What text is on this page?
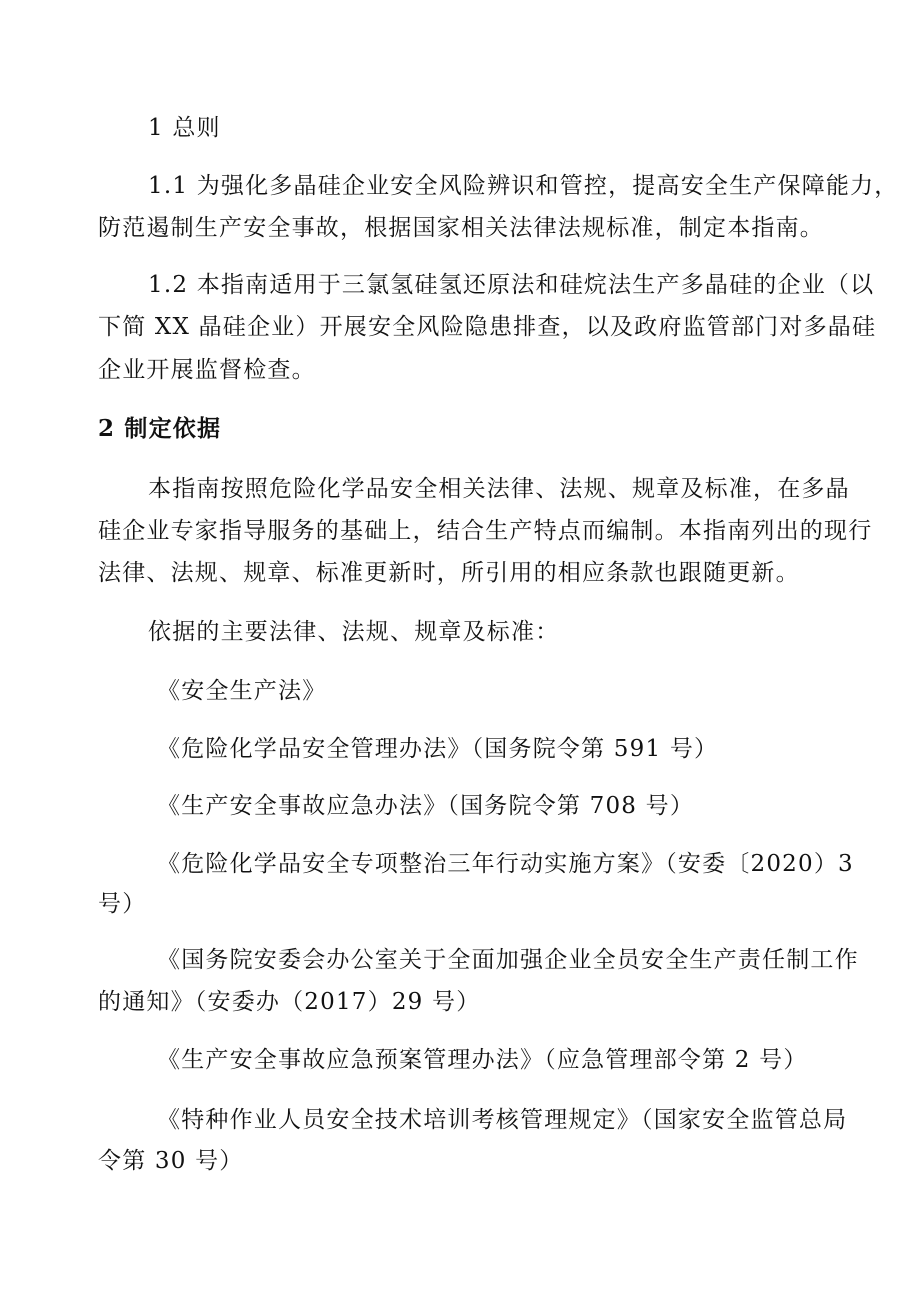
1 总则
1.1 为强化多晶硅企业安全风险辨识和管控，提高安全生产保障能力，
防范遏制生产安全事故，根据国家相关法律法规标准，制定本指南。
1.2 本指南适用于三氯氢硅氢还原法和硅烷法生产多晶硅的企业（以
下简 XX 晶硅企业）开展安全风险隐患排查，以及政府监管部门对多晶硅
企业开展监督检查。
2 制定依据
本指南按照危险化学品安全相关法律、法规、规章及标准，在多晶
硅企业专家指导服务的基础上，结合生产特点而编制。本指南列出的现行
法律、法规、规章、标准更新时，所引用的相应条款也跟随更新。
依据的主要法律、法规、规章及标准：
《安全生产法》
《危险化学品安全管理办法》（国务院令第 591 号）
《生产安全事故应急办法》（国务院令第 708 号）
《危险化学品安全专项整治三年行动实施方案》（安委〔2020）3
号）
《国务院安委会办公室关于全面加强企业全员安全生产责任制工作
的通知》（安委办（2017）29 号）
《生产安全事故应急预案管理办法》（应急管理部令第 2 号）
《特种作业人员安全技术培训考核管理规定》（国家安全监管总局
令第 30 号）
